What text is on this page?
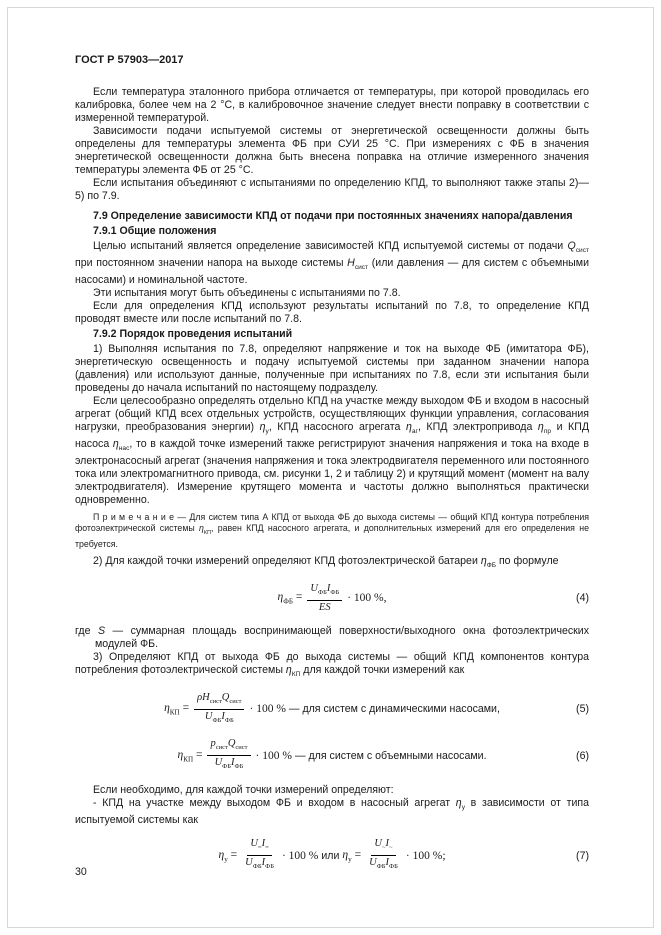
ГОСТ Р 57903—2017

Если температура эталонного прибора отличается от температуры, при которой проводилась его калибровка, более чем на 2 °С, в калибровочное значение следует внести поправку в соответствии с измеренной температурой.

Зависимости подачи испытуемой системы от энергетической освещенности должны быть определены для температуры элемента ФБ при СУИ 25 °С. При измерениях с ФБ в значения энергетической освещенности должна быть внесена поправка на отличие измеренного значения температуры элемента ФБ от 25 °С.

Если испытания объединяют с испытаниями по определению КПД, то выполняют также этапы 2)—5) по 7.9.

7.9 Определение зависимости КПД от подачи при постоянных значениях напора/давления

7.9.1 Общие положения

Целью испытаний является определение зависимостей КПД испытуемой системы от подачи $Q_{сист}$ при постоянном значении напора на выходе системы $H_{сист}$ (или давления — для систем с объемными насосами) и номинальной частоте.

Эти испытания могут быть объединены с испытаниями по 7.8.

Если для определения КПД используют результаты испытаний по 7.8, то определение КПД проводят вместе или после испытаний по 7.8.

7.9.2 Порядок проведения испытаний

1) Выполняя испытания по 7.8, определяют напряжение и ток на выходе ФБ (имитатора ФБ), энергетическую освещенность и подачу испытуемой системы при заданном значении напора (давления) или используют данные, полученные при испытаниях по 7.8, если эти испытания были проведены до начала испытаний по настоящему подразделу.

Если целесообразно определять отдельно КПД на участке между выходом ФБ и входом в насосный агрегат (общий КПД всех отдельных устройств, осуществляющих функции управления, согласования нагрузки, преобразования энергии) $\eta_у$, КПД насосного агрегата $\eta_{аг}$, КПД электропривода $\eta_{пр}$ и КПД насоса $\eta_{нас}$, то в каждой точке измерений также регистрируют значения напряжения и тока на входе в электронасосный агрегат (значения напряжения и тока электродвигателя переменного или постоянного тока или электромагнитного привода, см. рисунки 1, 2 и таблицу 2) и крутящий момент (момент на валу электродвигателя). Измерение крутящего момента и частоты должно выполняться практически одновременно.

П р и м е ч а н и е — Для систем типа А КПД от выхода ФБ до выхода системы — общий КПД контура потребления фотоэлектрической системы $\eta_{КП}$, равен КПД насосного агрегата, и дополнительных измерений для его определения не требуется.

2) Для каждой точки измерений определяют КПД фотоэлектрической батареи $\eta_{ФБ}$ по формуле

$\eta_{ФБ} = \frac{U_{ФБ}I_{ФБ}}{ES} \cdot 100$ %,	(4)

где S — суммарная площадь воспринимающей поверхности/выходного окна фотоэлектрических модулей ФБ.

3) Определяют КПД от выхода ФБ до выхода системы — общий КПД компонентов контура потребления фотоэлектрической системы $\eta_{КП}$ для каждой точки измерений как

$\eta_{КП} = \frac{\rho H_{сист}Q_{сист}}{U_{ФБ}I_{ФБ}} \cdot 100$ % — для систем с динамическими насосами,	(5)
$\eta_{КП} = \frac{p_{сист}Q_{сист}}{U_{ФБ}I_{ФБ}} \cdot 100$ % — для систем с объемными насосами.	(6)

Если необходимо, для каждой точки измерений определяют:

- КПД на участке между выходом ФБ и входом в насосный агрегат $\eta_у$ в зависимости от типа испытуемой системы как

$\eta_у = \frac{U_=I_=}{U_{ФБ}I_{ФБ}} \cdot 100$ % или $\eta_у = \frac{U_\sim I_\sim}{U_{ФБ}I_{ФБ}} \cdot 100$ %;	(7)

30
